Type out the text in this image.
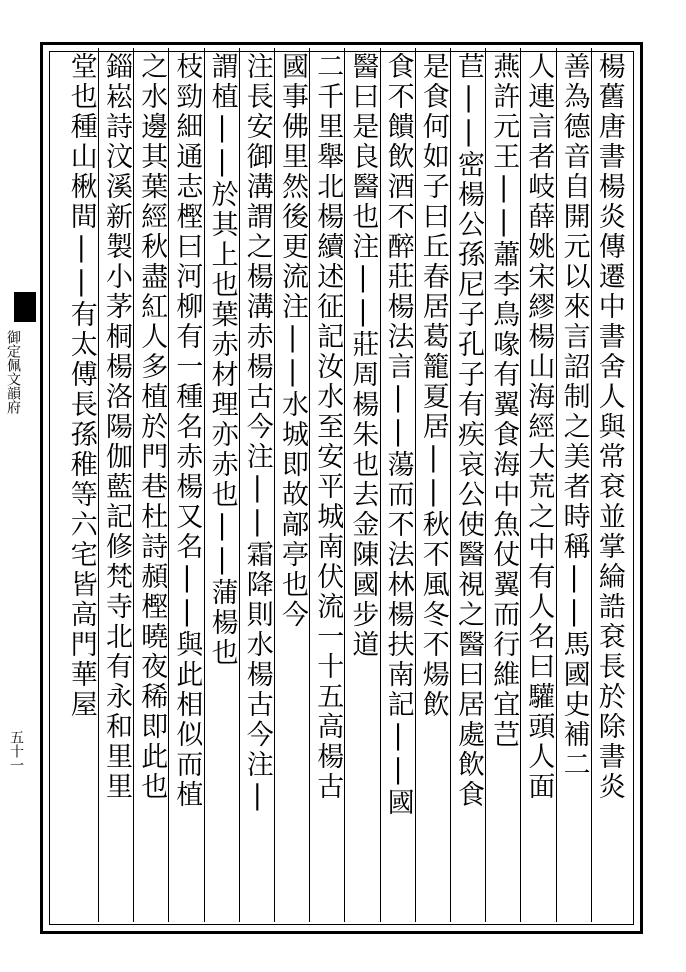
御定佩文韻府
五十一	楊舊唐書楊炎傳遷中書舍人與常袞並掌綸誥袞長於除書炎
善為德音自開元以來言詔制之美者時稱||馬國史補二
人連言者岐薛姚宋繆楊山海經大荒之中有人名曰驩頭人面
燕許元王||蕭李鳥喙有翼食海中魚仗翼而行維宜芑
苣||密楊公孫尼子孔子有疾哀公使醫視之醫曰居處飲食
是食何如子曰丘春居葛籠夏居||秋不風冬不煬飲
食不饋飲酒不醉莊楊法言||蕩而不法林楊扶南記||國
醫曰是良醫也注||莊周楊朱也去金陳國步道
二千里舉北楊續述征記汝水至安平城南伏流一十五高楊古
國事佛里然後更流注||水城即故鄗亭也今
注長安御溝謂之楊溝赤楊古今注||霜降則水楊古今注|
謂植||於其上也葉赤材理亦赤也||蒲楊也
枝勁細通志樫曰河柳有一種名赤楊又名||與此相似而植
之水邊其葉經秋盡紅人多植於門巷杜詩頳樫曉夜稀即此也
錙崧詩汶溪新製小茅桐楊洛陽伽藍記修梵寺北有永和里里
堂也種山楸間||有太傅長孫稚等六宅皆高門華屋
